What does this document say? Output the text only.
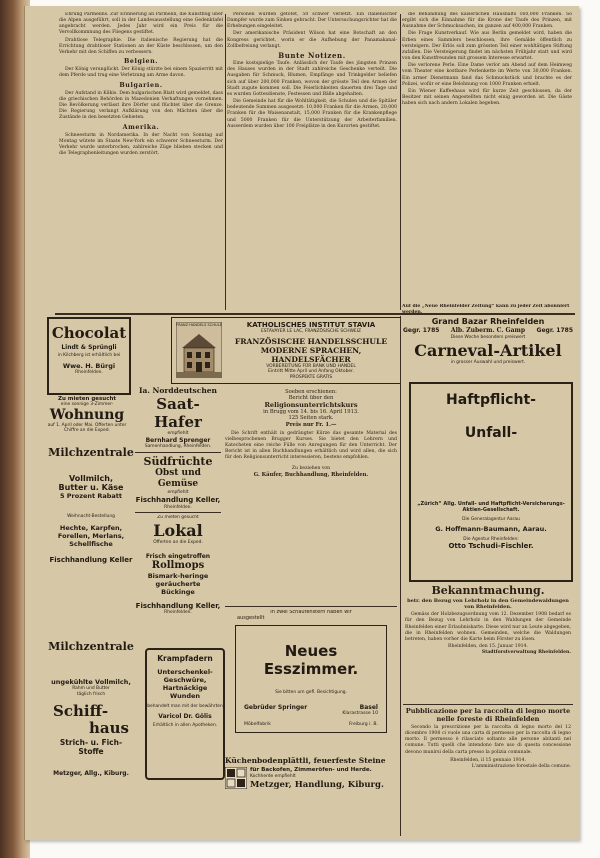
Ehrung Parmelins. Zur Erinnerung an Parmelin, die Kunstflug über die Alpen ausgeführt, soll in der Landesausstellung eine Gedenktafel angebracht werden. Jedes Jahr wird ein Preis für die Vervollkommnung des Fliegens gestiftet.

Drahtlose Telegraphie. Die italienische Regierung hat die Errichtung drahtloser Stationen an der Küste beschlossen, um den Verkehr mit den Schiffen zu verbessern.

Belgien.

Der König verunglückt. Der König stürzte bei einem Spazierritt mit dem Pferde und trug eine Verletzung am Arme davon.

Bulgarien.

Der Aufstand in Kilkis. Dem bulgarischen Blatt wird gemeldet, dass die griechischen Behörden in Mazedonien Verhaftungen vornehmen. Die Bevölkerung verlässt ihre Dörfer und flüchtet über die Grenze. Die Regierung verlangt Aufklärung von den Mächten über die Zustände in den besetzten Gebieten.

Amerika.

Schneesturm in Nordamerika. In der Nacht von Sonntag auf Montag wütete im Staate New-York ein schwerer Schneesturm. Der Verkehr wurde unterbrochen, zahlreiche Züge blieben stecken und die Telegraphenleitungen wurden zerstört.

Personen wurden getötet, 50 schwer verletzt. Ein italienischer Dampfer wurde zum Sinken gebracht. Der Untersuchungsrichter hat die Erhebungen eingeleitet.

Der amerikanische Präsident Wilson hat eine Botschaft an den Kongress gerichtet, worin er die Aufhebung der Panamakanal-Zollbefreiung verlangt.

Bunte Notizen.

Eine kostspielige Taufe. Anlässlich der Taufe des jüngsten Prinzen des Hauses wurden in der Stadt zahlreiche Geschenke verteilt. Die Ausgaben für Schmuck, Blumen, Empfänge und Trinkgelder beliefen sich auf über 200,000 Franken, wovon der grösste Teil den Armen der Stadt zugute kommen soll. Die Feierlichkeiten dauerten drei Tage und es wurden Gottesdienste, Festessen und Bälle abgehalten.

Die Gemeinde hat für die Wohltätigkeit, die Schulen und die Spitäler bedeutende Summen ausgesetzt: 10,000 Franken für die Armen, 20,000 Franken für die Waisenanstalt, 15,000 Franken für die Krankenpflege und 5000 Franken für die Unterstützung der Arbeiterfamilien. Ausserdem wurden über 100 Freiplätze in den Kurorten gestiftet.

die Behandlung des kaiserlichen Haushalts 160,000 Franken. So ergibt sich die Einnahme für die Krone der Taufe des Prinzen, mit Ausnahme der Schmucksachen, im ganzen auf 400,000 Franken.

Die Frage Kunstverkauf. Wie aus Berlin gemeldet wird, haben die Erben eines Sammlers beschlossen, ihre Gemälde öffentlich zu versteigern. Der Erlös soll zum grössten Teil einer wohltätigen Stiftung zufallen. Die Versteigerung findet im nächsten Frühjahr statt und wird von den Kunstfreunden mit grossem Interesse erwartet.

Die verlorene Perle. Eine Dame verlor am Abend auf dem Heimweg vom Theater eine kostbare Perlenkette im Werte von 30,000 Franken. Ein armer Dienstmann fand das Schmuckstück und brachte es der Polizei, wofür er eine Belohnung von 1000 Franken erhielt.

Ein Wiener Kaffeehaus wird für kurze Zeit geschlossen, da der Besitzer mit seinen Angestellten nicht einig geworden ist. Die Gäste haben sich nach andern Lokalen begeben.

Auf die „Neue Rheinfelder Zeitung“ kann zu jeder Zeit abonniert
Chocolat
Lindt & Sprüngli
in Kilchberg ist erhältlich bei
Wwe. H. Bürgi
Rheinfelden.
Zu mieten gesucht
eine sonnige 3-Zimmer-
Wohnung
auf 1. April oder Mai. Offerten unter Chiffre an die Exped.
Milchzentrale
Vollmilch,
Butter u. Käse
5 Prozent Rabatt
Weihnacht-Bestellung
Hechte, Karpfen,
Forellen, Merlans,
Schellfische
Fischhandlung Keller
Milchzentrale
ungekühlte Vollmilch,
Rahm und Butter
täglich frisch
Schiff-
haus
Strich- u. Fich-
Stoffe
Metzger, Allg., Kiburg.
FRANZ HANDELS SCHULE	KATHOLISCHES INSTITUT STAVIA
ESTAVAYER LE LAC, FRANZÖSISCHE SCHWEIZ
FRANZÖSISCHE HANDELSSCHULE
MODERNE SPRACHEN, HANDELSFÄCHER
VORBEREITUNG FÜR BANK UND HANDEL
Eintritt Mitte April und Anfang Oktober.
PROSPEKTE GRATIS
Ia. Norddeutschen
Saat-Hafer
empfiehlt
Bernhard Sprenger
Samenhandlung, Rheinfelden.
Südfrüchte
Obst und Gemüse
empfiehlt
Fischhandlung Keller,
Rheinfelden.
Zu mieten gesucht
Lokal
Offerten an die Exped.
Frisch eingetroffen
Rollmops
Bismark-heringe
geräucherte
Bückinge
Fischhandlung Keller,
Rheinfelden.
Krampfadern
Unterschenkel-
Geschwüre,
Hartnäckige
Wunden
behandelt man mit der bewährten
Varicol Dr. Gölis
Erhältlich in allen Apotheken.
Soeben erschienen:
Bericht über den
Religionsunterrichtskurs
in Brugg vom 14. bis 16. April 1913.
125 Seiten stark.
Preis nur Fr. 1.—

Die Schrift enthält in gedrängter Kürze das gesamte Material des vielbesprochenen Brugger Kurses. Sie bietet den Lehrern und Katecheten eine reiche Fülle von Anregungen für den Unterricht. Der Bericht ist in allen Buchhandlungen erhältlich und wird allen, die sich für den Religionsunterricht interessieren, bestens empfohlen.

Zu beziehen von
G. Käufer, Buchhandlung, Rheinfelden.
In zwei Schaufenstern haben wir
ausgestellt
Neues Esszimmer.
Sie bitten um gefl. Besichtigung.
Gebrüder Springer	Basel
Klarastrasse 10
Möbelfabrik	Freiburg i. B.
Küchenbodenplättli, feuerfeste Steine
für Backofen, Zimmeröfen- und Herde.
Kochherde empfiehlt
Metzger, Handlung, Kiburg.
Grand Bazar Rheinfelden
Gegr. 1785 Alb. Zuberm. C. Gamp Gegr. 1785
Diese Woche besonders preiswert
Carneval-Artikel
in grosser Auswahl und preiswert.
Haftpflicht-
Unfall-
„Zürich“ Allg. Unfall- und Haftpflicht-Versicherungs-Aktien-Gesellschaft.
Die Generalagentur Aarau
G. Hoffmann-Baumann, Aarau.
Die Agentur Rheinfelden:
Otto Tschudi-Fischler.
Bekanntmachung.
betr. den Bezug von Lehrholz in den Gemeindewaldungen von Rheinfelden.

Gemäss der Holzbezugsordnung vom 12. Dezember 1908 bedarf es für den Bezug von Lehrholz in den Waldungen der Gemeinde Rheinfelden einer Erlaubniskarte. Diese wird nur an Leute abgegeben, die in Rheinfelden wohnen. Gemeinden, welche die Waldungen betreten, haben vorher die Karte beim Förster zu lösen.

Rheinfelden, den 15. Januar 1914.
Stadtforstverwaltung Rheinfelden.
Pubblicazione per la raccolta di legno morte nelle foreste di Rheinfelden

Secondo la prescrizione per la raccolta di legno morto del 12 dicembre 1908 ci vuole una carta di permesso per la raccolta di legno morto. Il permesso è rilasciato soltanto alle persone abitanti nel comune. Tutti quelli che intendono fare uso di questa concessione devono munirsi della carta presso la polizia comunale.

Rheinfelden, il 15 gennaio 1914.
L'amministrazione forestale della comune.
